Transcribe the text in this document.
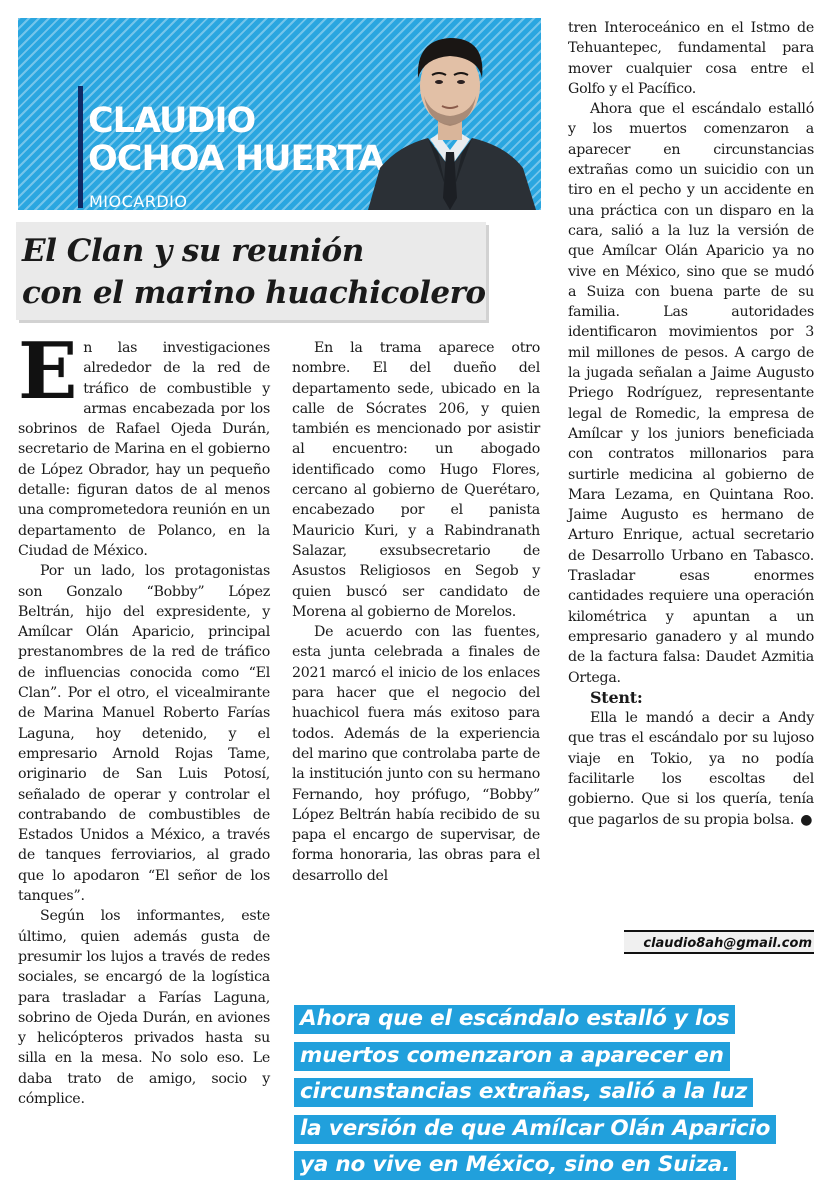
CLAUDIO
OCHOA HUERTA
MIOCARDIO
El Clan y su reunión
con el marino huachicolero

En las investigaciones alrededor de la red de tráfico de combustible y armas encabezada por los sobrinos de Rafael Ojeda Durán, secretario de Marina en el gobierno de López Obrador, hay un pequeño detalle: figuran datos de al menos una comprometedora reunión en un departamento de Polanco, en la Ciudad de México.

Por un lado, los protagonistas son Gonzalo “Bobby” López Beltrán, hijo del expresidente, y Amílcar Olán Aparicio, principal prestanombres de la red de tráfico de influencias conocida como “El Clan”. Por el otro, el vicealmirante de Marina Manuel Roberto Farías Laguna, hoy detenido, y el empresario Arnold Rojas Tame, originario de San Luis Potosí, señalado de operar y controlar el contrabando de combustibles de Estados Unidos a México, a través de tanques ferroviarios, al grado que lo apodaron “El señor de los tanques”.

Según los informantes, este último, quien además gusta de presumir los lujos a través de redes sociales, se encargó de la logística para trasladar a Farías Laguna, sobrino de Ojeda Durán, en aviones y helicópteros privados hasta su silla en la mesa. No solo eso. Le daba trato de amigo, socio y cómplice.

En la trama aparece otro nombre. El del dueño del departamento sede, ubicado en la calle de Sócrates 206, y quien también es mencionado por asistir al encuentro: un abogado identificado como Hugo Flores, cercano al gobierno de Querétaro, encabezado por el panista Mauricio Kuri, y a Rabindranath Salazar, exsubsecretario de Asustos Religiosos en Segob y quien buscó ser candidato de Morena al gobierno de Morelos.

De acuerdo con las fuentes, esta junta celebrada a finales de 2021 marcó el inicio de los enlaces para hacer que el negocio del huachicol fuera más exitoso para todos. Además de la experiencia del marino que controlaba parte de la institución junto con su hermano Fernando, hoy prófugo, “Bobby” López Beltrán había recibido de su papa el encargo de supervisar, de forma honoraria, las obras para el desarrollo del

tren Interoceánico en el Istmo de Tehuantepec, fundamental para mover cualquier cosa entre el Golfo y el Pacífico.

Ahora que el escándalo estalló y los muertos comenzaron a aparecer en circunstancias extrañas como un suicidio con un tiro en el pecho y un accidente en una práctica con un disparo en la cara, salió a la luz la versión de que Amílcar Olán Aparicio ya no vive en México, sino que se mudó a Suiza con buena parte de su familia. Las autoridades identificaron movimientos por 3 mil millones de pesos. A cargo de la jugada señalan a Jaime Augusto Priego Rodríguez, representante legal de Romedic, la empresa de Amílcar y los juniors beneficiada con contratos millonarios para surtirle medicina al gobierno de Mara Lezama, en Quintana Roo. Jaime Augusto es hermano de Arturo Enrique, actual secretario de Desarrollo Urbano en Tabasco. Trasladar esas enormes cantidades requiere una operación kilométrica y apuntan a un empresario ganadero y al mundo de la factura falsa: Daudet Azmitia Ortega.

Stent:

Ella le mandó a decir a Andy que tras el escándalo por su lujoso viaje en Tokio, ya no podía facilitarle los escoltas del gobierno. Que si los quería, tenía que pagarlos de su propia bolsa. ●

claudio8ah@gmail.com
Ahora que el escándalo estalló y los
muertos comenzaron a aparecer en
circunstancias extrañas, salió a la luz
la versión de que Amílcar Olán Aparicio
ya no vive en México, sino en Suiza.
